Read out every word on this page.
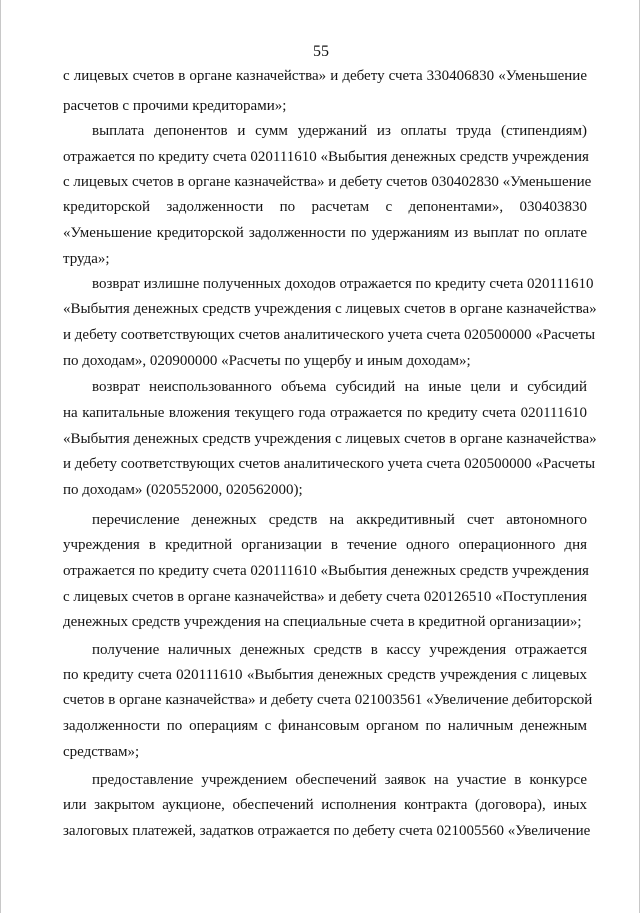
55
с лицевых счетов в органе казначейства» и дебету счета 330406830 «Уменьшение
расчетов с прочими кредиторами»;
выплата депонентов и сумм удержаний из оплаты труда (стипендиям)
отражается по кредиту счета 020111610 «Выбытия денежных средств учреждения
с лицевых счетов в органе казначейства» и дебету счетов 030402830 «Уменьшение
кредиторской задолженности по расчетам с депонентами», 030403830
«Уменьшение кредиторской задолженности по удержаниям из выплат по оплате
труда»;
возврат излишне полученных доходов отражается по кредиту счета 020111610
«Выбытия денежных средств учреждения с лицевых счетов в органе казначейства»
и дебету соответствующих счетов аналитического учета счета 020500000 «Расчеты
по доходам», 020900000 «Расчеты по ущербу и иным доходам»;
возврат неиспользованного объема субсидий на иные цели и субсидий
на капитальные вложения текущего года отражается по кредиту счета 020111610
«Выбытия денежных средств учреждения с лицевых счетов в органе казначейства»
и дебету соответствующих счетов аналитического учета счета 020500000 «Расчеты
по доходам» (020552000, 020562000);
перечисление денежных средств на аккредитивный счет автономного
учреждения в кредитной организации в течение одного операционного дня
отражается по кредиту счета 020111610 «Выбытия денежных средств учреждения
с лицевых счетов в органе казначейства» и дебету счета 020126510 «Поступления
денежных средств учреждения на специальные счета в кредитной организации»;
получение наличных денежных средств в кассу учреждения отражается
по кредиту счета 020111610 «Выбытия денежных средств учреждения с лицевых
счетов в органе казначейства» и дебету счета 021003561 «Увеличение дебиторской
задолженности по операциям с финансовым органом по наличным денежным
средствам»;
предоставление учреждением обеспечений заявок на участие в конкурсе
или закрытом аукционе, обеспечений исполнения контракта (договора), иных
залоговых платежей, задатков отражается по дебету счета 021005560 «Увеличение
